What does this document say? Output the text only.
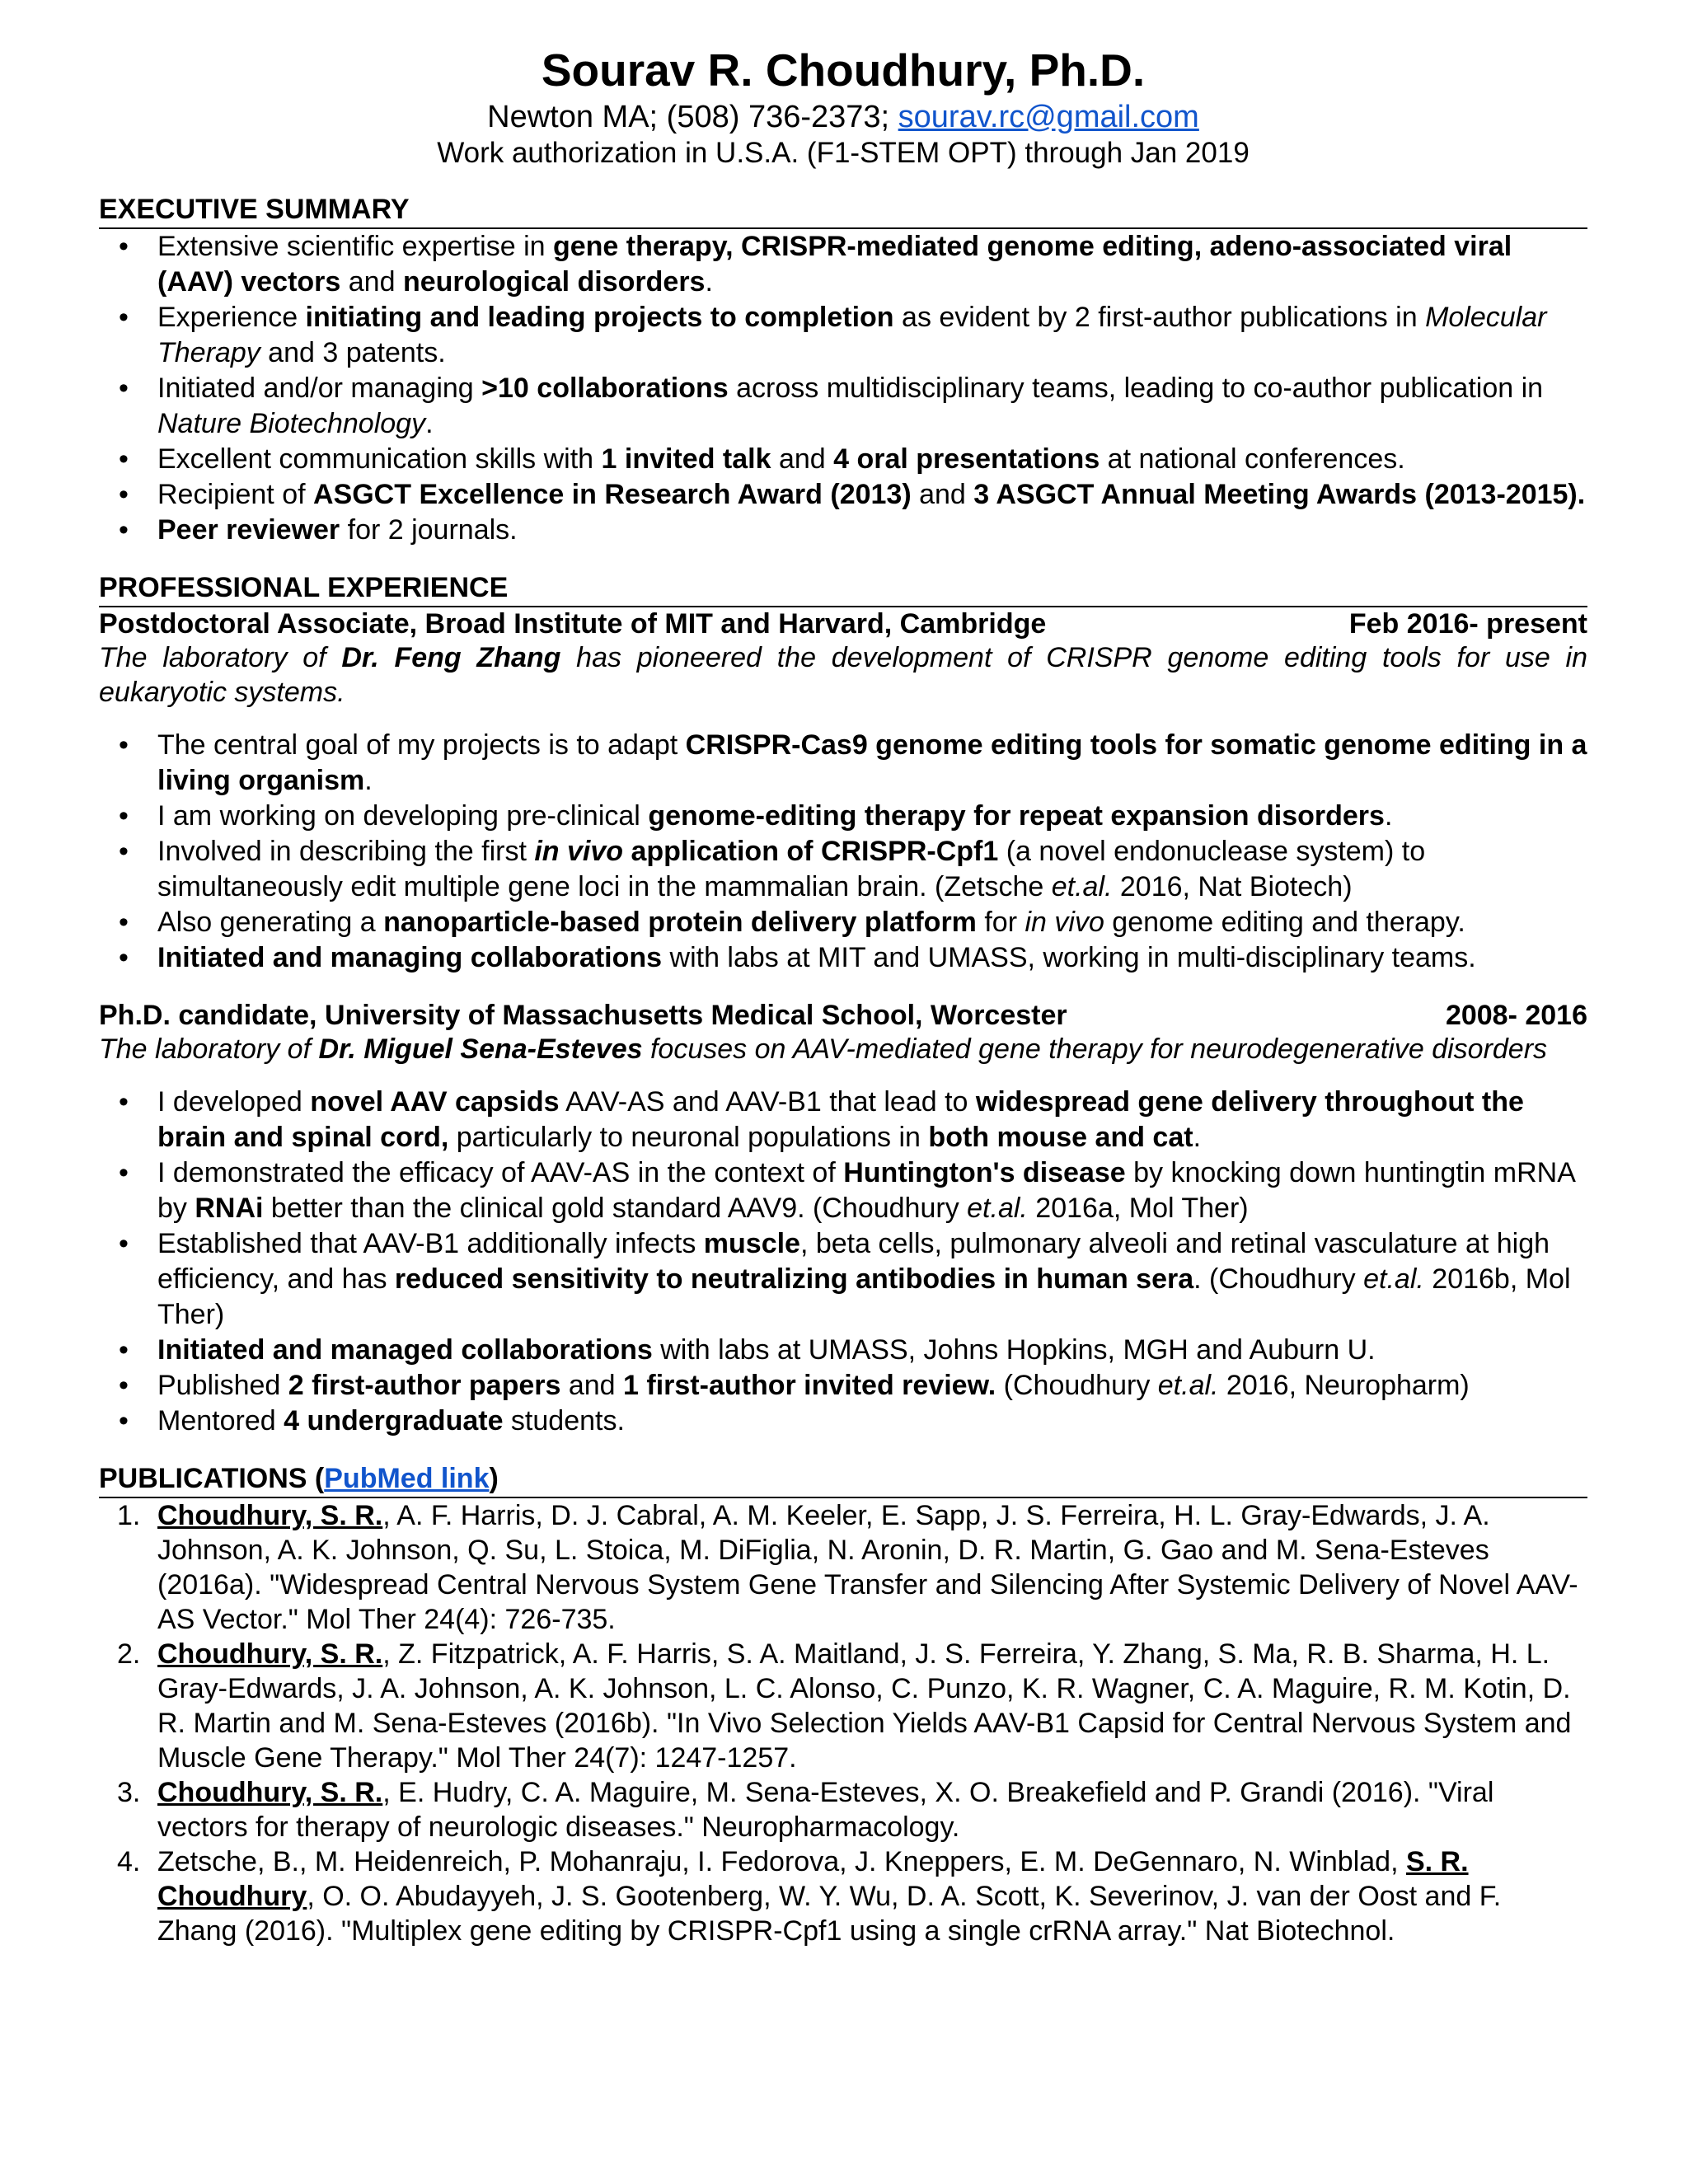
Sourav R. Choudhury, Ph.D.
Newton MA; (508) 736-2373; sourav.rc@gmail.com
Work authorization in U.S.A. (F1-STEM OPT) through Jan 2019
EXECUTIVE SUMMARY
• Extensive scientific expertise in gene therapy, CRISPR-mediated genome editing, adeno-associated viral (AAV) vectors and neurological disorders.
• Experience initiating and leading projects to completion as evident by 2 first-author publications in Molecular Therapy and 3 patents.
• Initiated and/or managing >10 collaborations across multidisciplinary teams, leading to co-author publication in Nature Biotechnology.
• Excellent communication skills with 1 invited talk and 4 oral presentations at national conferences.
• Recipient of ASGCT Excellence in Research Award (2013) and 3 ASGCT Annual Meeting Awards (2013-2015).
• Peer reviewer for 2 journals.
PROFESSIONAL EXPERIENCE
Postdoctoral Associate, Broad Institute of MIT and Harvard, Cambridge	Feb 2016- present
The laboratory of Dr. Feng Zhang has pioneered the development of CRISPR genome editing tools for use in eukaryotic systems.
• The central goal of my projects is to adapt CRISPR-Cas9 genome editing tools for somatic genome editing in a living organism.
• I am working on developing pre-clinical genome-editing therapy for repeat expansion disorders.
• Involved in describing the first in vivo application of CRISPR-Cpf1 (a novel endonuclease system) to simultaneously edit multiple gene loci in the mammalian brain. (Zetsche et.al. 2016, Nat Biotech)
• Also generating a nanoparticle-based protein delivery platform for in vivo genome editing and therapy.
• Initiated and managing collaborations with labs at MIT and UMASS, working in multi-disciplinary teams.
Ph.D. candidate, University of Massachusetts Medical School, Worcester	2008- 2016
The laboratory of Dr. Miguel Sena-Esteves focuses on AAV-mediated gene therapy for neurodegenerative disorders
• I developed novel AAV capsids AAV-AS and AAV-B1 that lead to widespread gene delivery throughout the brain and spinal cord, particularly to neuronal populations in both mouse and cat.
• I demonstrated the efficacy of AAV-AS in the context of Huntington's disease by knocking down huntingtin mRNA by RNAi better than the clinical gold standard AAV9. (Choudhury et.al. 2016a, Mol Ther)
• Established that AAV-B1 additionally infects muscle, beta cells, pulmonary alveoli and retinal vasculature at high efficiency, and has reduced sensitivity to neutralizing antibodies in human sera. (Choudhury et.al. 2016b, Mol Ther)
• Initiated and managed collaborations with labs at UMASS, Johns Hopkins, MGH and Auburn U.
• Published 2 first-author papers and 1 first-author invited review. (Choudhury et.al. 2016, Neuropharm)
• Mentored 4 undergraduate students.
PUBLICATIONS (PubMed link)
Choudhury, S. R., A. F. Harris, D. J. Cabral, A. M. Keeler, E. Sapp, J. S. Ferreira, H. L. Gray-Edwards, J. A. Johnson, A. K. Johnson, Q. Su, L. Stoica, M. DiFiglia, N. Aronin, D. R. Martin, G. Gao and M. Sena-Esteves (2016a). "Widespread Central Nervous System Gene Transfer and Silencing After Systemic Delivery of Novel AAV-AS Vector." Mol Ther 24(4): 726-735.
Choudhury, S. R., Z. Fitzpatrick, A. F. Harris, S. A. Maitland, J. S. Ferreira, Y. Zhang, S. Ma, R. B. Sharma, H. L. Gray-Edwards, J. A. Johnson, A. K. Johnson, L. C. Alonso, C. Punzo, K. R. Wagner, C. A. Maguire, R. M. Kotin, D. R. Martin and M. Sena-Esteves (2016b). "In Vivo Selection Yields AAV-B1 Capsid for Central Nervous System and Muscle Gene Therapy." Mol Ther 24(7): 1247-1257.
Choudhury, S. R., E. Hudry, C. A. Maguire, M. Sena-Esteves, X. O. Breakefield and P. Grandi (2016). "Viral vectors for therapy of neurologic diseases." Neuropharmacology.
Zetsche, B., M. Heidenreich, P. Mohanraju, I. Fedorova, J. Kneppers, E. M. DeGennaro, N. Winblad, S. R. Choudhury, O. O. Abudayyeh, J. S. Gootenberg, W. Y. Wu, D. A. Scott, K. Severinov, J. van der Oost and F. Zhang (2016). "Multiplex gene editing by CRISPR-Cpf1 using a single crRNA array." Nat Biotechnol.
